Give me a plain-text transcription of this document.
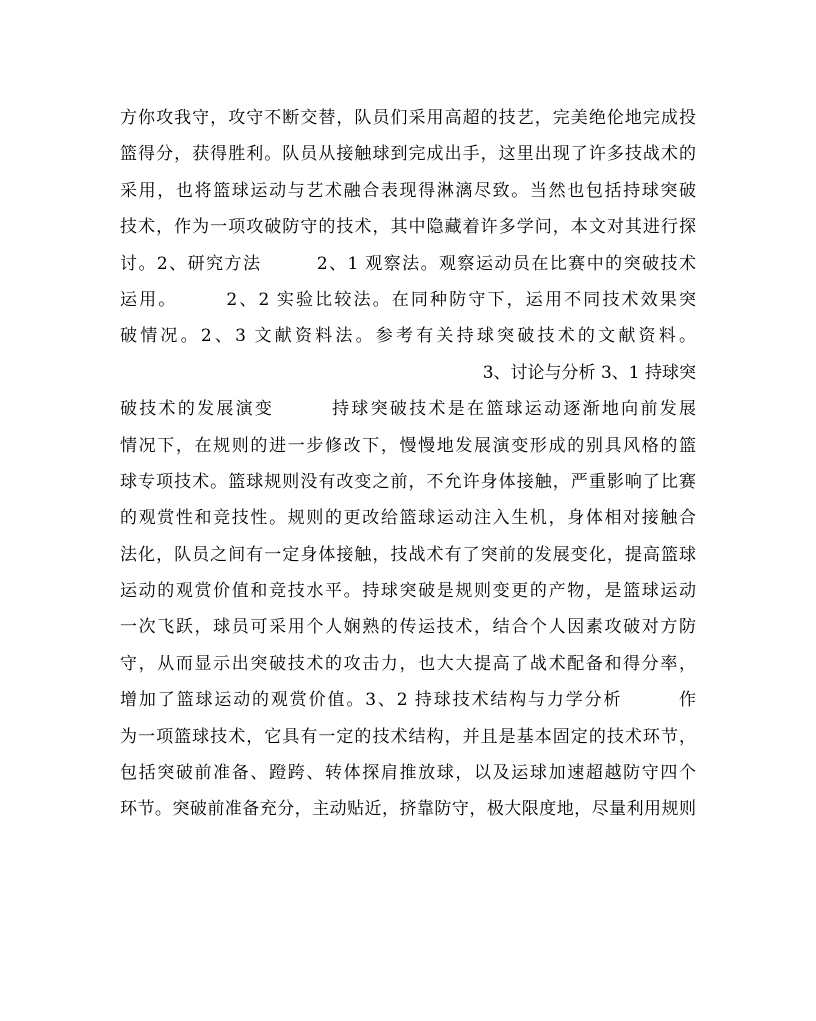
方你攻我守，攻守不断交替，队员们采用高超的技艺，完美绝伦地完成投
篮得分，获得胜利。队员从接触球到完成出手，这里出现了许多技战术的
采用，也将篮球运动与艺术融合表现得淋漓尽致。当然也包括持球突破
技术，作为一项攻破防守的技术，其中隐藏着许多学问，本文对其进行探
讨。2、研究方法　　　2、1 观察法。观察运动员在比赛中的突破技术
运用。　　　2、2 实验比较法。在同种防守下，运用不同技术效果突
破情况。2、3 文献资料法。参考有关持球突破技术的文献资料。
3、讨论与分析 3、1 持球突
破技术的发展演变　　　持球突破技术是在篮球运动逐渐地向前发展
情况下，在规则的进一步修改下，慢慢地发展演变形成的别具风格的篮
球专项技术。篮球规则没有改变之前，不允许身体接触，严重影响了比赛
的观赏性和竞技性。规则的更改给篮球运动注入生机，身体相对接触合
法化，队员之间有一定身体接触，技战术有了突前的发展变化，提高篮球
运动的观赏价值和竞技水平。持球突破是规则变更的产物，是篮球运动
一次飞跃，球员可采用个人娴熟的传运技术，结合个人因素攻破对方防
守，从而显示出突破技术的攻击力，也大大提高了战术配备和得分率，
增加了篮球运动的观赏价值。3、2 持球技术结构与力学分析　　　作
为一项篮球技术，它具有一定的技术结构，并且是基本固定的技术环节，
包括突破前准备、蹬跨、转体探肩推放球，以及运球加速超越防守四个
环节。突破前准备充分，主动贴近，挤靠防守，极大限度地，尽量利用规则
